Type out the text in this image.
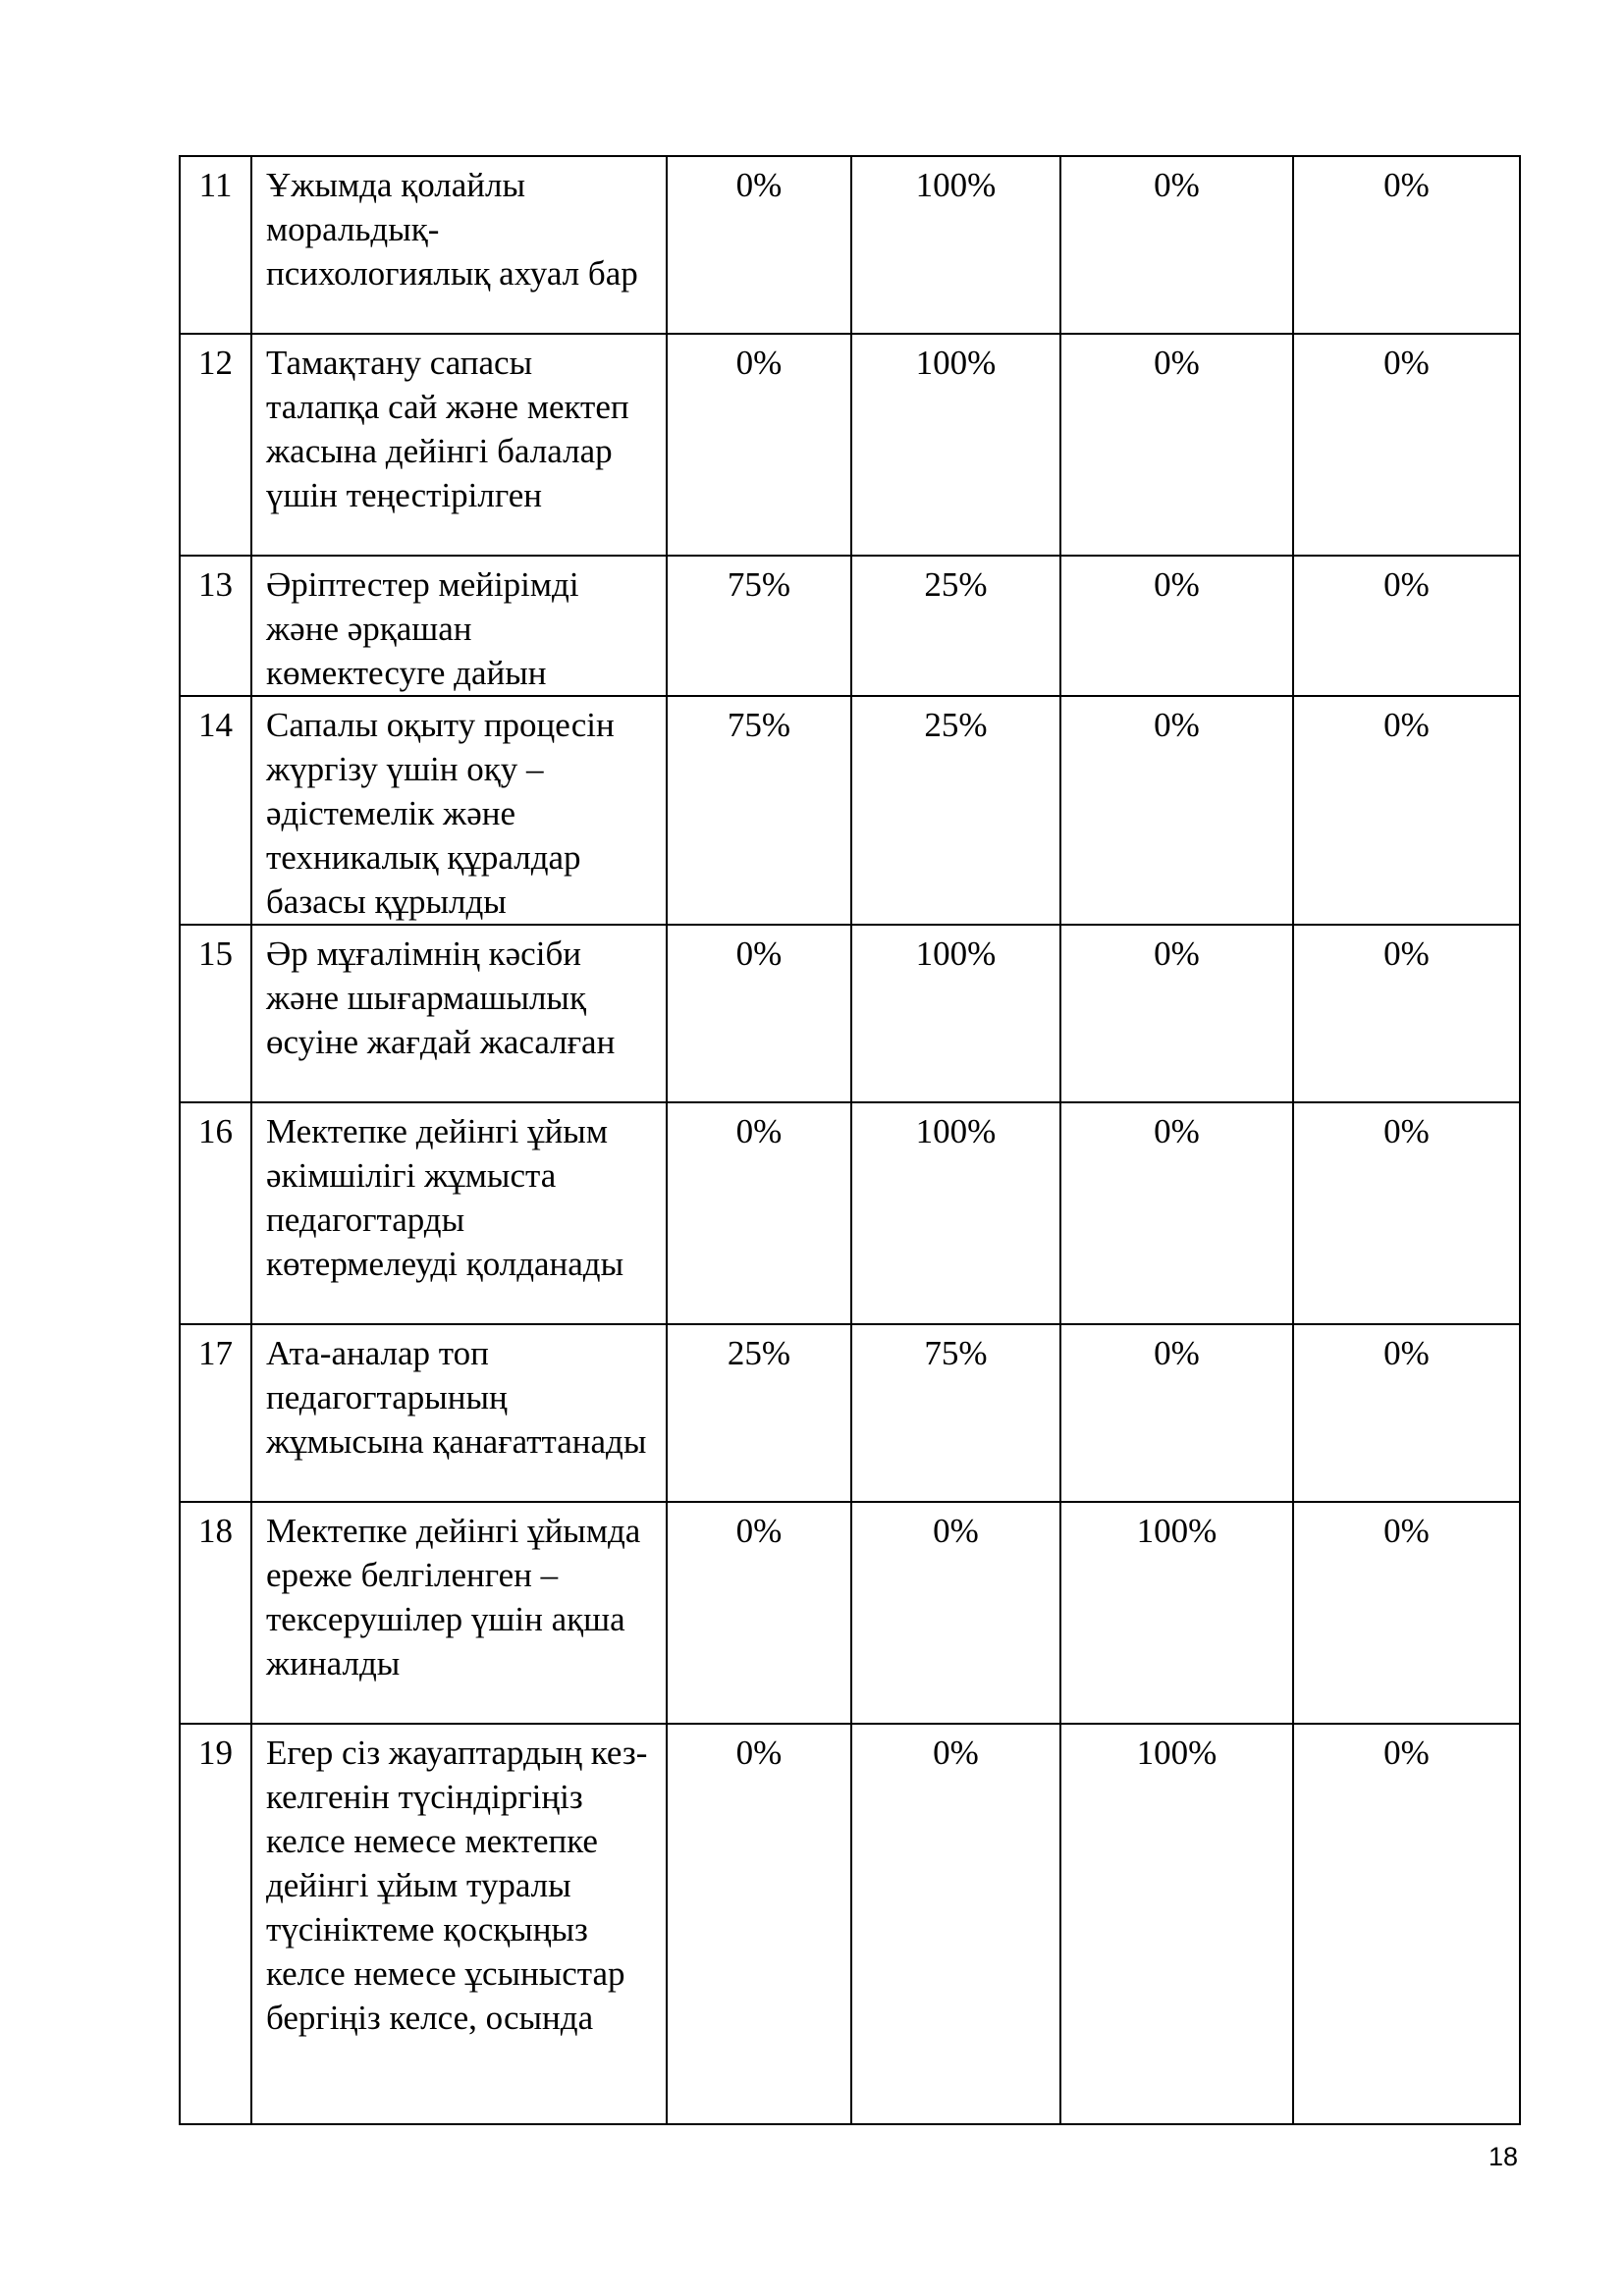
11	Ұжымда қолайлы моральдық-психологиялық ахуал бар	0%	100%	0%	0%
12	Тамақтану сапасы талапқа сай және мектеп жасына дейінгі балалар үшін теңестірілген	0%	100%	0%	0%
13	Әріптестер мейірімді және әрқашан көмектесуге дайын	75%	25%	0%	0%
14	Сапалы оқыту процесін жүргізу үшін оқу –әдістемелік және техникалық құралдар базасы құрылды	75%	25%	0%	0%
15	Әр мұғалімнің кәсіби және шығармашылық өсуіне жағдай жасалған	0%	100%	0%	0%
16	Мектепке дейінгі ұйым әкімшілігі жұмыста педагогтарды көтермелеуді қолданады	0%	100%	0%	0%
17	Ата-аналар топ педагогтарының жұмысына қанағаттанады	25%	75%	0%	0%
18	Мектепке дейінгі ұйымда ереже белгіленген – тексерушілер үшін ақша жиналды	0%	0%	100%	0%
19	Егер сіз жауаптардың кез-келгенін түсіндіргіңіз келсе немесе мектепке дейінгі ұйым туралы түсініктеме қосқыңыз келсе немесе ұсыныстар бергіңіз келсе, осында	0%	0%	100%	0%
18
